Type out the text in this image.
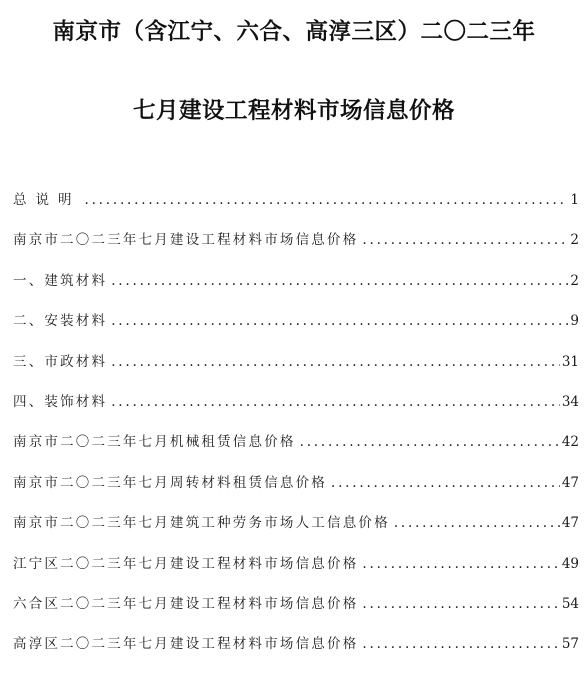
南京市（含江宁、六合、高淳三区）二〇二三年
七月建设工程材料市场信息价格
总说明 .....	1
南京市二〇二三年七月建设工程材料市场信息价格 .....	2
一、建筑材料 .....	2
二、安装材料 .....	9
三、市政材料 .....	31
四、装饰材料 .....	34
南京市二〇二三年七月机械租赁信息价格 .....	42
南京市二〇二三年七月周转材料租赁信息价格 .....	47
南京市二〇二三年七月建筑工种劳务市场人工信息价格 .....	47
江宁区二〇二三年七月建设工程材料市场信息价格 .....	49
六合区二〇二三年七月建设工程材料市场信息价格 .....	54
高淳区二〇二三年七月建设工程材料市场信息价格 .....	57
